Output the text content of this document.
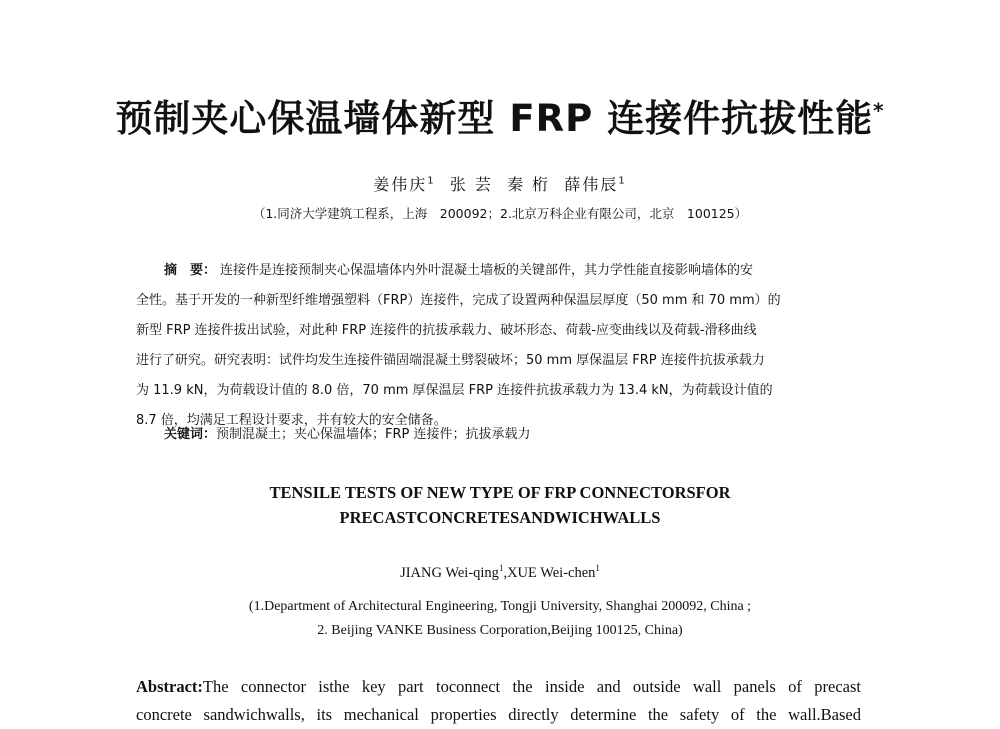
预制夹心保温墙体新型 FRP 连接件抗拔性能*
姜伟庆$^1$ 张 芸 秦 桁 薛伟辰$^1$
（1.同济大学建筑工程系，上海　200092；2.北京万科企业有限公司，北京　100125）
摘　要： 连接件是连接预制夹心保温墙体内外叶混凝土墙板的关键部件，其力学性能直接影响墙体的安
全性。基于开发的一种新型纤维增强塑料（FRP）连接件，完成了设置两种保温层厚度（50 mm 和 70 mm）的
新型 FRP 连接件拔出试验，对此种 FRP 连接件的抗拔承载力、破坏形态、荷载-应变曲线以及荷载-滑移曲线
进行了研究。研究表明：试件均发生连接件锚固端混凝土劈裂破坏；50 mm 厚保温层 FRP 连接件抗拔承载力
为 11.9 kN，为荷载设计值的 8.0 倍，70 mm 厚保温层 FRP 连接件抗拔承载力为 13.4 kN，为荷载设计值的
8.7 倍，均满足工程设计要求，并有较大的安全储备。
关键词：预制混凝土；夹心保温墙体；FRP 连接件；抗拔承载力
TENSILE TESTS OF NEW TYPE OF FRP CONNECTORSFOR
PRECASTCONCRETESANDWICHWALLS
JIANG Wei-qing$^1$,XUE Wei-chen$^1$
(1.Department of Architectural Engineering, Tongji University, Shanghai 200092, China ;
2. Beijing VANKE Business Corporation,Beijing 100125, China)
Abstract:The connector isthe key part toconnect the inside and outside wall panels of precast
concrete sandwichwalls, its mechanical properties directly determine the safety of the wall.Based
